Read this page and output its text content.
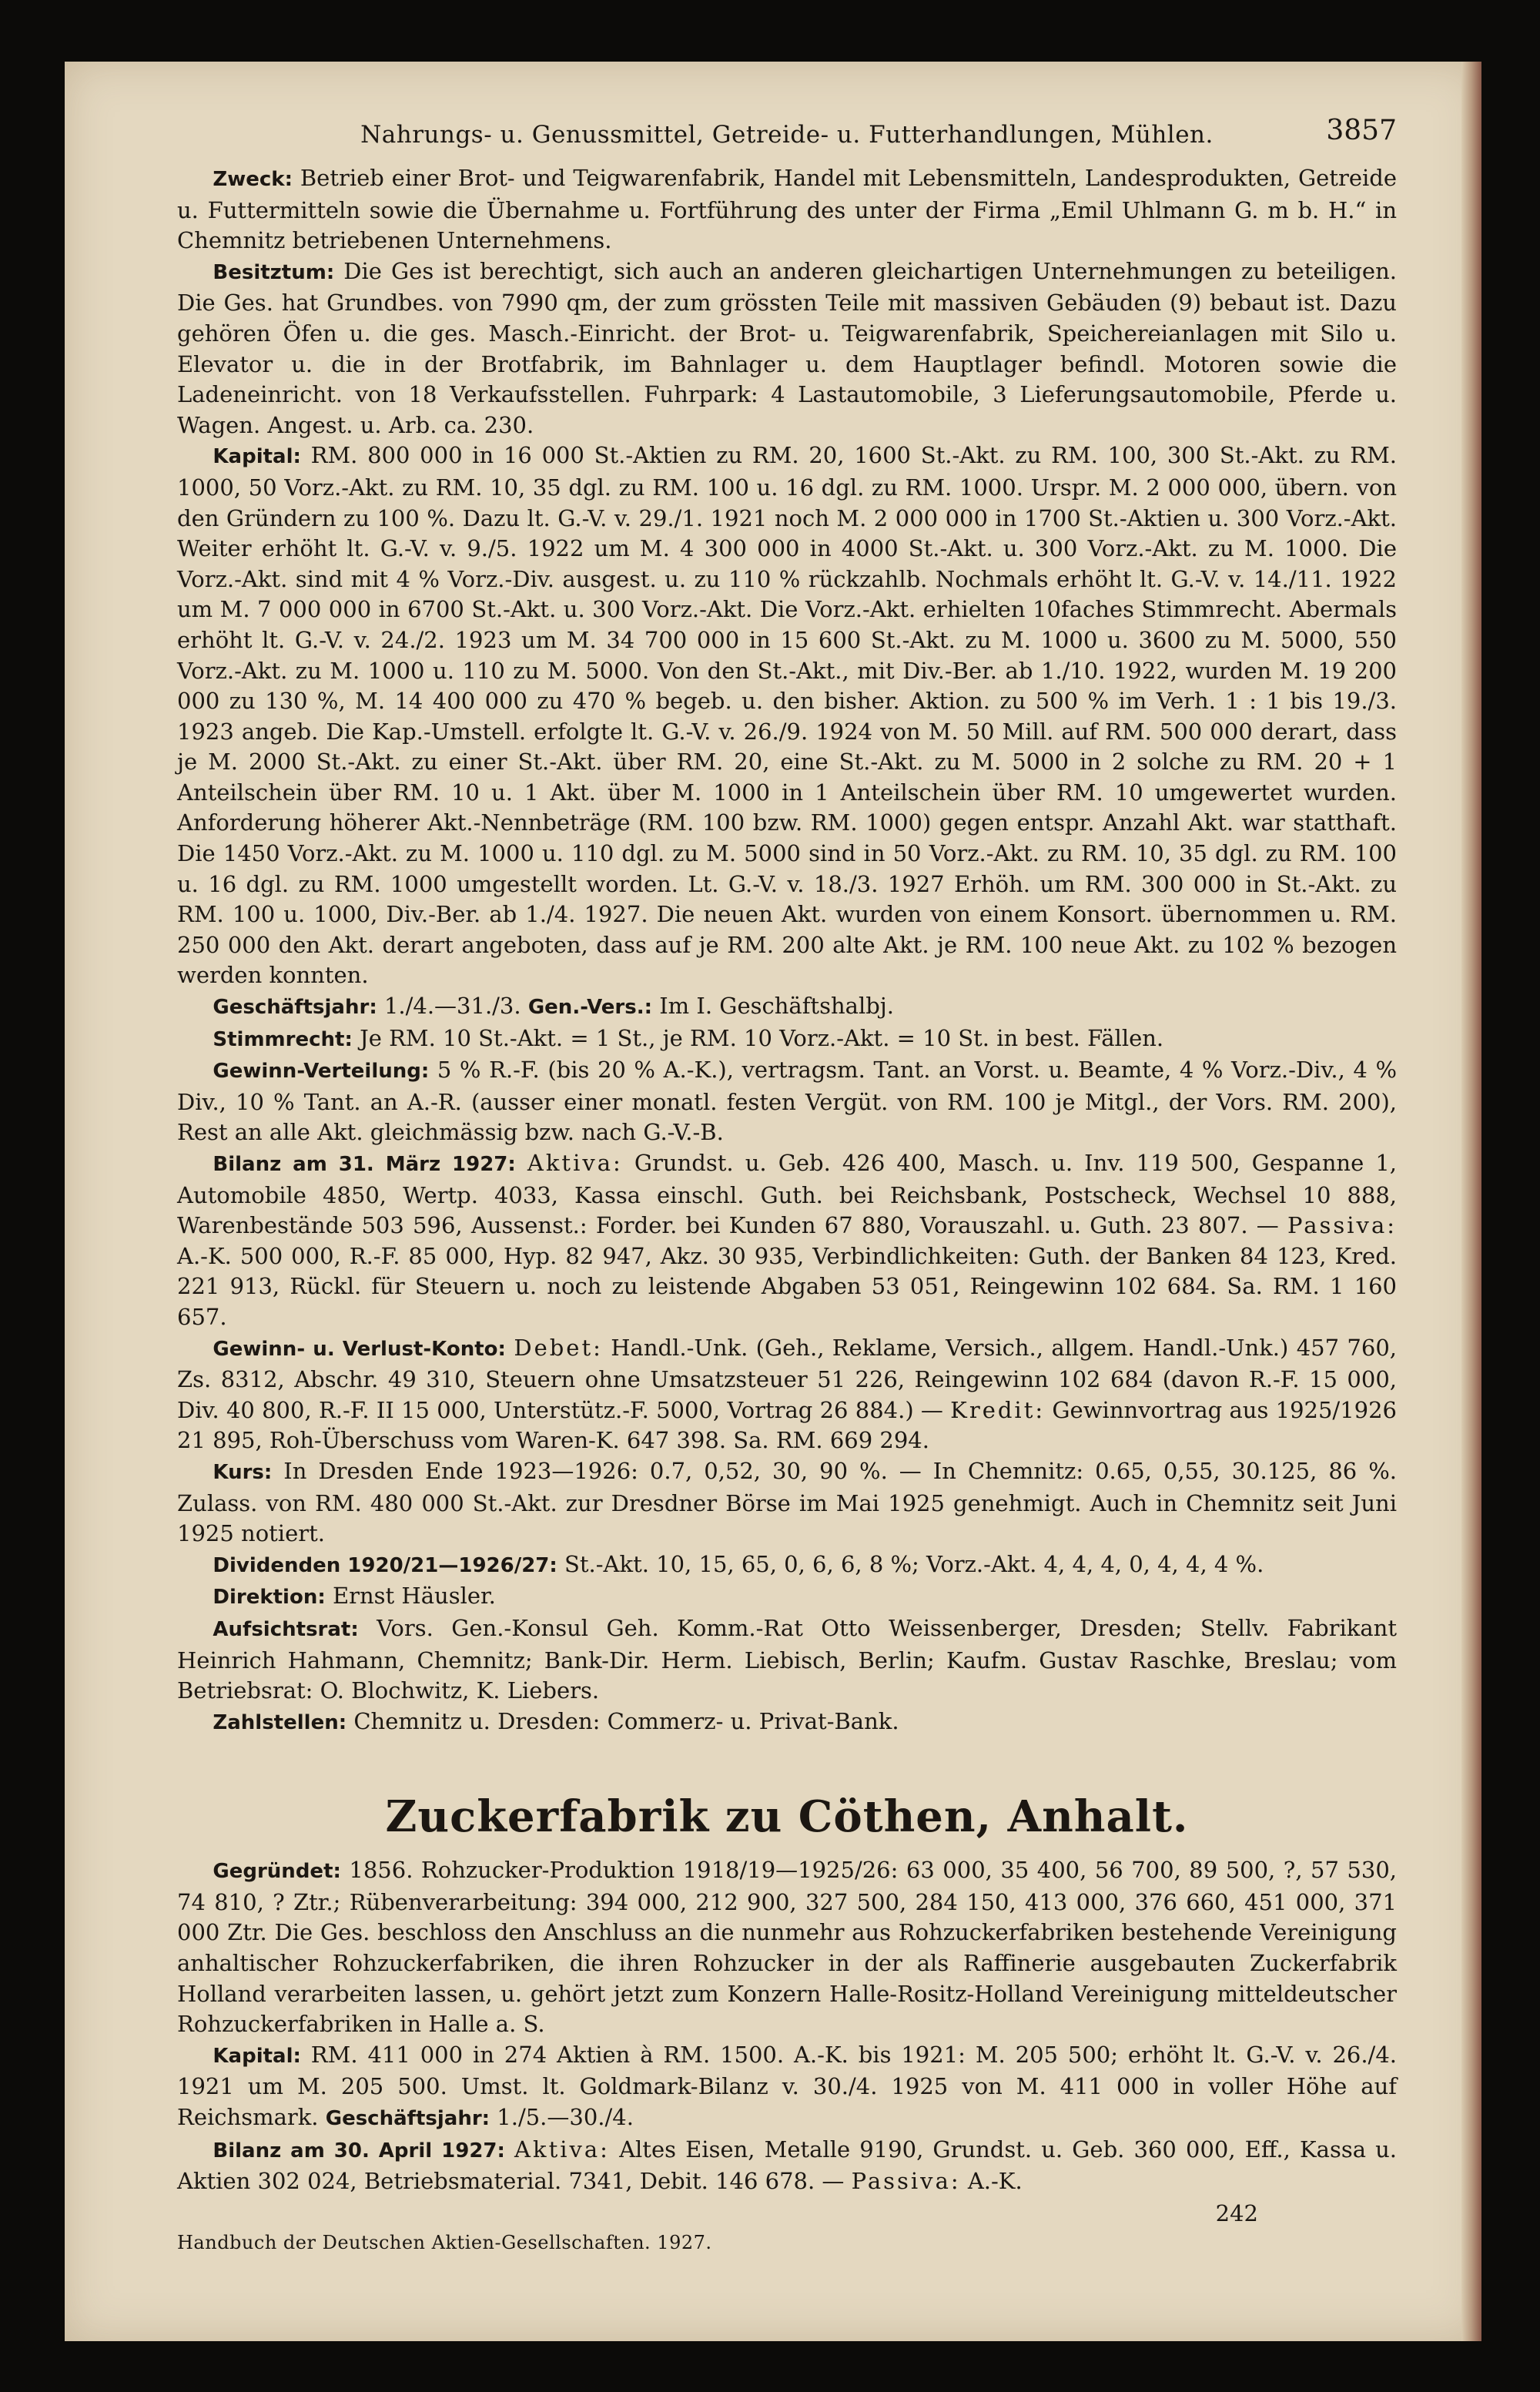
Nahrungs- u. Genussmittel, Getreide- u. Futterhandlungen, Mühlen.	3857

Zweck: Betrieb einer Brot- und Teigwarenfabrik, Handel mit Lebensmitteln, Landesprodukten, Getreide u. Futtermitteln sowie die Übernahme u. Fortführung des unter der Firma „Emil Uhlmann G. m b. H.“ in Chemnitz betriebenen Unternehmens.

Besitztum: Die Ges ist berechtigt, sich auch an anderen gleichartigen Unternehmungen zu beteiligen. Die Ges. hat Grundbes. von 7990 qm, der zum grössten Teile mit massiven Gebäuden (9) bebaut ist. Dazu gehören Öfen u. die ges. Masch.-Einricht. der Brot- u. Teigwarenfabrik, Speichereianlagen mit Silo u. Elevator u. die in der Brotfabrik, im Bahnlager u. dem Hauptlager befindl. Motoren sowie die Ladeneinricht. von 18 Verkaufsstellen. Fuhrpark: 4 Lastautomobile, 3 Lieferungsautomobile, Pferde u. Wagen. Angest. u. Arb. ca. 230.

Kapital: RM. 800 000 in 16 000 St.-Aktien zu RM. 20, 1600 St.-Akt. zu RM. 100, 300 St.-Akt. zu RM. 1000, 50 Vorz.-Akt. zu RM. 10, 35 dgl. zu RM. 100 u. 16 dgl. zu RM. 1000. Urspr. M. 2 000 000, übern. von den Gründern zu 100 %. Dazu lt. G.-V. v. 29./1. 1921 noch M. 2 000 000 in 1700 St.-Aktien u. 300 Vorz.-Akt. Weiter erhöht lt. G.-V. v. 9./5. 1922 um M. 4 300 000 in 4000 St.-Akt. u. 300 Vorz.-Akt. zu M. 1000. Die Vorz.-Akt. sind mit 4 % Vorz.-Div. ausgest. u. zu 110 % rückzahlb. Nochmals erhöht lt. G.-V. v. 14./11. 1922 um M. 7 000 000 in 6700 St.-Akt. u. 300 Vorz.-Akt. Die Vorz.-Akt. erhielten 10faches Stimmrecht. Abermals erhöht lt. G.-V. v. 24./2. 1923 um M. 34 700 000 in 15 600 St.-Akt. zu M. 1000 u. 3600 zu M. 5000, 550 Vorz.-Akt. zu M. 1000 u. 110 zu M. 5000. Von den St.-Akt., mit Div.-Ber. ab 1./10. 1922, wurden M. 19 200 000 zu 130 %, M. 14 400 000 zu 470 % begeb. u. den bisher. Aktion. zu 500 % im Verh. 1 : 1 bis 19./3. 1923 angeb. Die Kap.-Umstell. erfolgte lt. G.-V. v. 26./9. 1924 von M. 50 Mill. auf RM. 500 000 derart, dass je M. 2000 St.-Akt. zu einer St.-Akt. über RM. 20, eine St.-Akt. zu M. 5000 in 2 solche zu RM. 20 + 1 Anteilschein über RM. 10 u. 1 Akt. über M. 1000 in 1 Anteilschein über RM. 10 umgewertet wurden. Anforderung höherer Akt.-Nennbeträge (RM. 100 bzw. RM. 1000) gegen entspr. Anzahl Akt. war statthaft. Die 1450 Vorz.-Akt. zu M. 1000 u. 110 dgl. zu M. 5000 sind in 50 Vorz.-Akt. zu RM. 10, 35 dgl. zu RM. 100 u. 16 dgl. zu RM. 1000 umgestellt worden. Lt. G.-V. v. 18./3. 1927 Erhöh. um RM. 300 000 in St.-Akt. zu RM. 100 u. 1000, Div.-Ber. ab 1./4. 1927. Die neuen Akt. wurden von einem Konsort. übernommen u. RM. 250 000 den Akt. derart angeboten, dass auf je RM. 200 alte Akt. je RM. 100 neue Akt. zu 102 % bezogen werden konnten.

Geschäftsjahr: 1./4.—31./3. Gen.-Vers.: Im I. Geschäftshalbj.

Stimmrecht: Je RM. 10 St.-Akt. = 1 St., je RM. 10 Vorz.-Akt. = 10 St. in best. Fällen.

Gewinn-Verteilung: 5 % R.-F. (bis 20 % A.-K.), vertragsm. Tant. an Vorst. u. Beamte, 4 % Vorz.-Div., 4 % Div., 10 % Tant. an A.-R. (ausser einer monatl. festen Vergüt. von RM. 100 je Mitgl., der Vors. RM. 200), Rest an alle Akt. gleichmässig bzw. nach G.-V.-B.

Bilanz am 31. März 1927: Aktiva: Grundst. u. Geb. 426 400, Masch. u. Inv. 119 500, Gespanne 1, Automobile 4850, Wertp. 4033, Kassa einschl. Guth. bei Reichsbank, Postscheck, Wechsel 10 888, Warenbestände 503 596, Aussenst.: Forder. bei Kunden 67 880, Vorauszahl. u. Guth. 23 807. — Passiva: A.-K. 500 000, R.-F. 85 000, Hyp. 82 947, Akz. 30 935, Verbindlichkeiten: Guth. der Banken 84 123, Kred. 221 913, Rückl. für Steuern u. noch zu leistende Abgaben 53 051, Reingewinn 102 684. Sa. RM. 1 160 657.

Gewinn- u. Verlust-Konto: Debet: Handl.-Unk. (Geh., Reklame, Versich., allgem. Handl.-Unk.) 457 760, Zs. 8312, Abschr. 49 310, Steuern ohne Umsatzsteuer 51 226, Reingewinn 102 684 (davon R.-F. 15 000, Div. 40 800, R.-F. II 15 000, Unterstütz.-F. 5000, Vortrag 26 884.) — Kredit: Gewinnvortrag aus 1925/1926 21 895, Roh-Überschuss vom Waren-K. 647 398. Sa. RM. 669 294.

Kurs: In Dresden Ende 1923—1926: 0.7, 0,52, 30, 90 %. — In Chemnitz: 0.65, 0,55, 30.125, 86 %. Zulass. von RM. 480 000 St.-Akt. zur Dresdner Börse im Mai 1925 genehmigt. Auch in Chemnitz seit Juni 1925 notiert.

Dividenden 1920/21—1926/27: St.-Akt. 10, 15, 65, 0, 6, 6, 8 %; Vorz.-Akt. 4, 4, 4, 0, 4, 4, 4 %.

Direktion: Ernst Häusler.

Aufsichtsrat: Vors. Gen.-Konsul Geh. Komm.-Rat Otto Weissenberger, Dresden; Stellv. Fabrikant Heinrich Hahmann, Chemnitz; Bank-Dir. Herm. Liebisch, Berlin; Kaufm. Gustav Raschke, Breslau; vom Betriebsrat: O. Blochwitz, K. Liebers.

Zahlstellen: Chemnitz u. Dresden: Commerz- u. Privat-Bank.

Zuckerfabrik zu Cöthen, Anhalt.

Gegründet: 1856. Rohzucker-Produktion 1918/19—1925/26: 63 000, 35 400, 56 700, 89 500, ?, 57 530, 74 810, ? Ztr.; Rübenverarbeitung: 394 000, 212 900, 327 500, 284 150, 413 000, 376 660, 451 000, 371 000 Ztr. Die Ges. beschloss den Anschluss an die nunmehr aus Rohzuckerfabriken bestehende Vereinigung anhaltischer Rohzuckerfabriken, die ihren Rohzucker in der als Raffinerie ausgebauten Zuckerfabrik Holland verarbeiten lassen, u. gehört jetzt zum Konzern Halle-Rositz-Holland Vereinigung mitteldeutscher Rohzuckerfabriken in Halle a. S.

Kapital: RM. 411 000 in 274 Aktien à RM. 1500. A.-K. bis 1921: M. 205 500; erhöht lt. G.-V. v. 26./4. 1921 um M. 205 500. Umst. lt. Goldmark-Bilanz v. 30./4. 1925 von M. 411 000 in voller Höhe auf Reichsmark. Geschäftsjahr: 1./5.—30./4.

Bilanz am 30. April 1927: Aktiva: Altes Eisen, Metalle 9190, Grundst. u. Geb. 360 000, Eff., Kassa u. Aktien 302 024, Betriebsmaterial. 7341, Debit. 146 678. — Passiva: A.-K.

242
Handbuch der Deutschen Aktien-Gesellschaften. 1927.
